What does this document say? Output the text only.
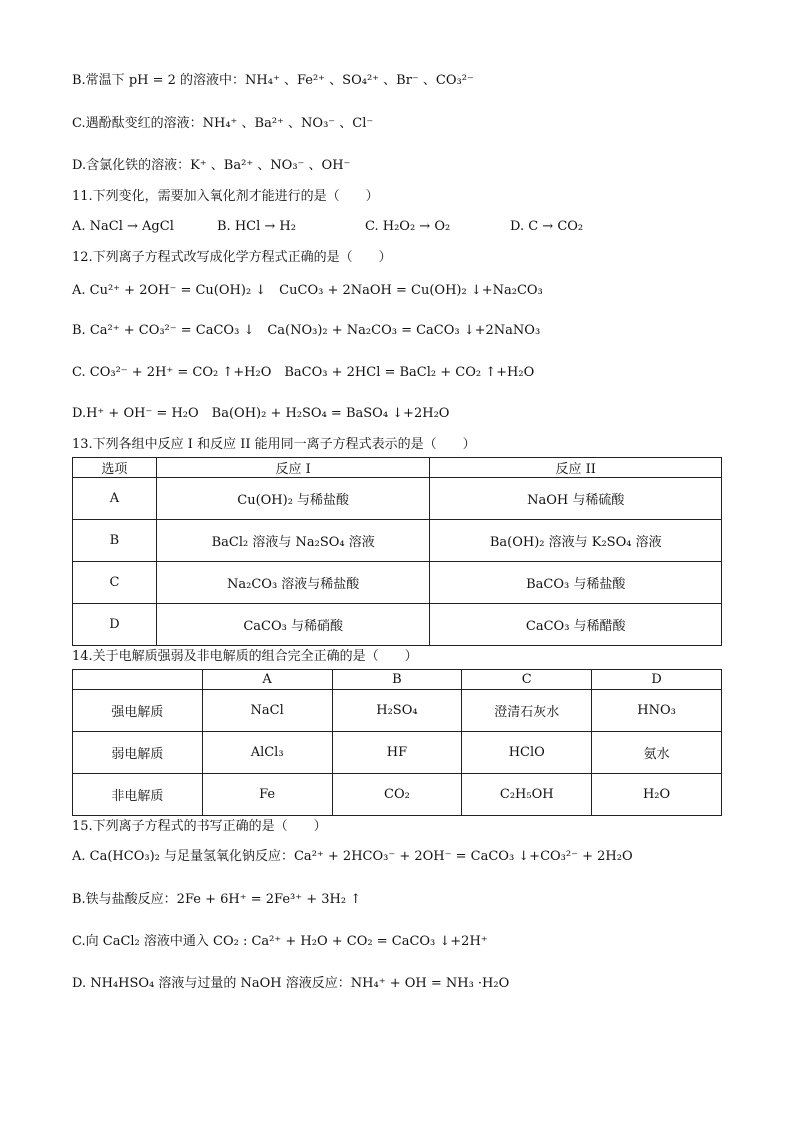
B.常温下 pH = 2 的溶液中：NH₄⁺ 、Fe²⁺ 、SO₄²⁺ 、Br⁻ 、CO₃²⁻
C.遇酚酞变红的溶液：NH₄⁺ 、Ba²⁺ 、NO₃⁻ 、Cl⁻
D.含氯化铁的溶液：K⁺ 、Ba²⁺ 、NO₃⁻ 、OH⁻
11.下列变化，需要加入氧化剂才能进行的是（　　）
A. NaCl → AgCl	B. HCl → H₂	C. H₂O₂ → O₂	D. C → CO₂
12.下列离子方程式改写成化学方程式正确的是（　　）
A. Cu²⁺ + 2OH⁻ = Cu(OH)₂ ↓　CuCO₃ + 2NaOH = Cu(OH)₂ ↓+Na₂CO₃
B. Ca²⁺ + CO₃²⁻ = CaCO₃ ↓　Ca(NO₃)₂ + Na₂CO₃ = CaCO₃ ↓+2NaNO₃
C. CO₃²⁻ + 2H⁺ = CO₂ ↑+H₂O　BaCO₃ + 2HCl = BaCl₂ + CO₂ ↑+H₂O
D.H⁺ + OH⁻ = H₂O　Ba(OH)₂ + H₂SO₄ = BaSO₄ ↓+2H₂O
13.下列各组中反应 I 和反应 II 能用同一离子方程式表示的是（　　）
选项	反应 I	反应 II
A	Cu(OH)₂ 与稀盐酸	NaOH 与稀硫酸
B	BaCl₂ 溶液与 Na₂SO₄ 溶液	Ba(OH)₂ 溶液与 K₂SO₄ 溶液
C	Na₂CO₃ 溶液与稀盐酸	BaCO₃ 与稀盐酸
D	CaCO₃ 与稀硝酸	CaCO₃ 与稀醋酸
14.关于电解质强弱及非电解质的组合完全正确的是（　　）
	A	B	C	D
强电解质	NaCl	H₂SO₄	澄清石灰水	HNO₃
弱电解质	AlCl₃	HF	HClO	氨水
非电解质	Fe	CO₂	C₂H₅OH	H₂O
15.下列离子方程式的书写正确的是（　　）
A. Ca(HCO₃)₂ 与足量氢氧化钠反应：Ca²⁺ + 2HCO₃⁻ + 2OH⁻ = CaCO₃ ↓+CO₃²⁻ + 2H₂O
B.铁与盐酸反应：2Fe + 6H⁺ = 2Fe³⁺ + 3H₂ ↑
C.向 CaCl₂ 溶液中通入 CO₂ : Ca²⁺ + H₂O + CO₂ = CaCO₃ ↓+2H⁺
D. NH₄HSO₄ 溶液与过量的 NaOH 溶液反应：NH₄⁺ + OH = NH₃ ·H₂O
